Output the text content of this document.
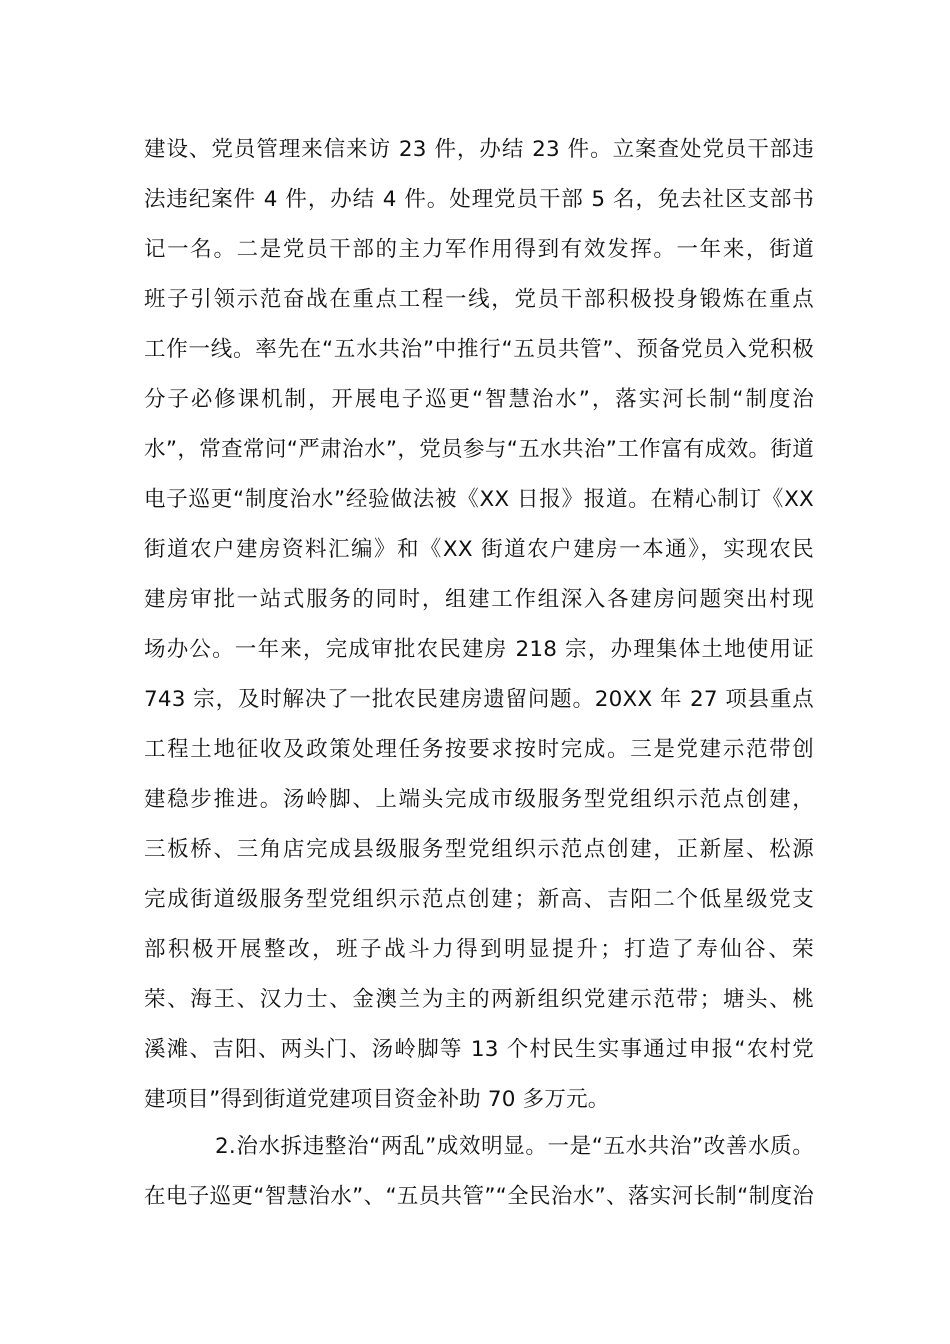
建设、党员管理来信来访 23 件，办结 23 件。立案查处党员干部违
法违纪案件 4 件，办结 4 件。处理党员干部 5 名，免去社区支部书
记一名。二是党员干部的主力军作用得到有效发挥。一年来，街道
班子引领示范奋战在重点工程一线，党员干部积极投身锻炼在重点
工作一线。率先在“五水共治”中推行“五员共管”、预备党员入党积极
分子必修课机制，开展电子巡更“智慧治水”，落实河长制“制度治
水”，常查常问“严肃治水”，党员参与“五水共治”工作富有成效。街道
电子巡更“制度治水”经验做法被《XX 日报》报道。在精心制订《XX
街道农户建房资料汇编》和《XX 街道农户建房一本通》，实现农民
建房审批一站式服务的同时，组建工作组深入各建房问题突出村现
场办公。一年来，完成审批农民建房 218 宗，办理集体土地使用证
743 宗，及时解决了一批农民建房遗留问题。20XX 年 27 项县重点
工程土地征收及政策处理任务按要求按时完成。三是党建示范带创
建稳步推进。汤岭脚、上端头完成市级服务型党组织示范点创建，
三板桥、三角店完成县级服务型党组织示范点创建，正新屋、松源
完成街道级服务型党组织示范点创建；新高、吉阳二个低星级党支
部积极开展整改，班子战斗力得到明显提升；打造了寿仙谷、荣
荣、海王、汉力士、金澳兰为主的两新组织党建示范带；塘头、桃
溪滩、吉阳、两头门、汤岭脚等 13 个村民生实事通过申报“农村党
建项目”得到街道党建项目资金补助 70 多万元。
2.治水拆违整治“两乱”成效明显。一是“五水共治”改善水质。
在电子巡更“智慧治水”、“五员共管”“全民治水”、落实河长制“制度治
